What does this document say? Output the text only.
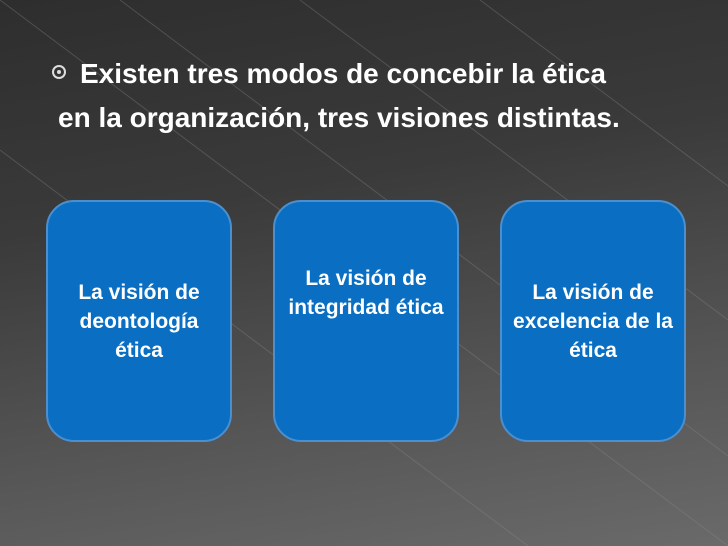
Existen tres modos de concebir la ética
en la organización, tres visiones distintas.
La visión de deontología ética
La visión de integridad ética
La visión de excelencia de la ética
